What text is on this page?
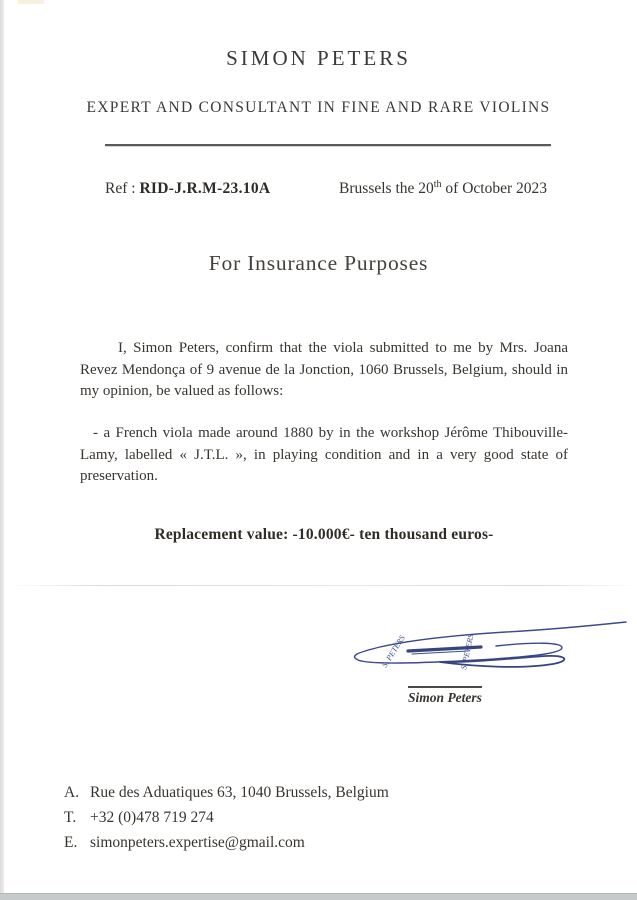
SIMON PETERS
EXPERT AND CONSULTANT IN FINE AND RARE VIOLINS
Ref : RID-J.R.M-23.10A	Brussels the 20th of October 2023
For Insurance Purposes
I, Simon Peters, confirm that the viola submitted to me by Mrs. Joana Revez Mendonça of 9 avenue de la Jonction, 1060 Brussels, Belgium, should in my opinion, be valued as follows:
- a French viola made around 1880 by in the workshop Jérôme Thibouville-Lamy, labelled « J.T.L. », in playing condition and in a very good state of preservation.
Replacement value: -10.000€- ten thousand euros-
S. PETERS	S. PETERS
Simon Peters
A. Rue des Aduatiques 63, 1040 Brussels, Belgium
T. +32 (0)478 719 274
E. simonpeters.expertise@gmail.com
